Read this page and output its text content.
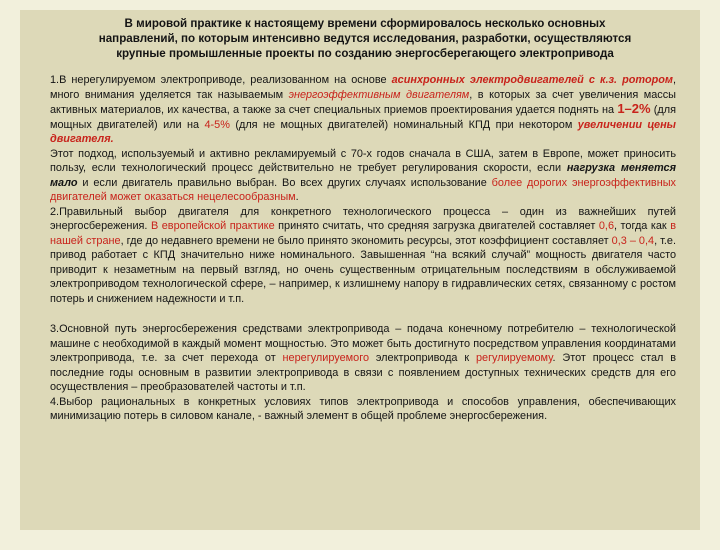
В мировой практике к настоящему времени сформировалось несколько основных
направлений, по которым интенсивно ведутся исследования, разработки, осуществляются
крупные промышленные проекты по созданию энергосберегающего электропривода

1.В нерегулируемом электроприводе, реализованном на основе асинхронных электродвигателей с к.з. ротором, много внимания уделяется так называемым энергоэффективным двигателям, в которых за счет увеличения массы активных материалов, их качества, а также за счет специальных приемов проектирования удается поднять на 1–2% (для мощных двигателей) или на 4-5% (для не мощных двигателей) номинальный КПД при некотором увеличении цены двигателя.
Этот подход, используемый и активно рекламируемый с 70-х годов сначала в США, затем в Европе, может приносить пользу, если технологический процесс действительно не требует регулирования скорости, если нагрузка меняется мало и если двигатель правильно выбран. Во всех других случаях использование более дорогих энергоэффективных двигателей может оказаться нецелесообразным.

2.Правильный выбор двигателя для конкретного технологического процесса – один из важнейших путей энергосбережения. В европейской практике принято считать, что средняя загрузка двигателей составляет 0,6, тогда как в нашей стране, где до недавнего времени не было принято экономить ресурсы, этот коэффициент составляет 0,3 – 0,4, т.е. привод работает с КПД значительно ниже номинального. Завышенная “на всякий случай” мощность двигателя часто приводит к незаметным на первый взгляд, но очень существенным отрицательным последствиям в обслуживаемой электроприводом технологической сфере, – например, к излишнему напору в гидравлических сетях, связанному с ростом потерь и снижением надежности и т.п.

3.Основной путь энергосбережения средствами электропривода – подача конечному потребителю – технологической машине с необходимой в каждый момент мощностью. Это может быть достигнуто посредством управления координатами электропривода, т.е. за счет перехода от нерегулируемого электропривода к регулируемому. Этот процесс стал в последние годы основным в развитии электропривода в связи с появлением доступных технических средств для его осуществления – преобразователей частоты и т.п.

4.Выбор рациональных в конкретных условиях типов электропривода и способов управления, обеспечивающих минимизацию потерь в силовом канале, - важный элемент в общей проблеме энергосбережения.
